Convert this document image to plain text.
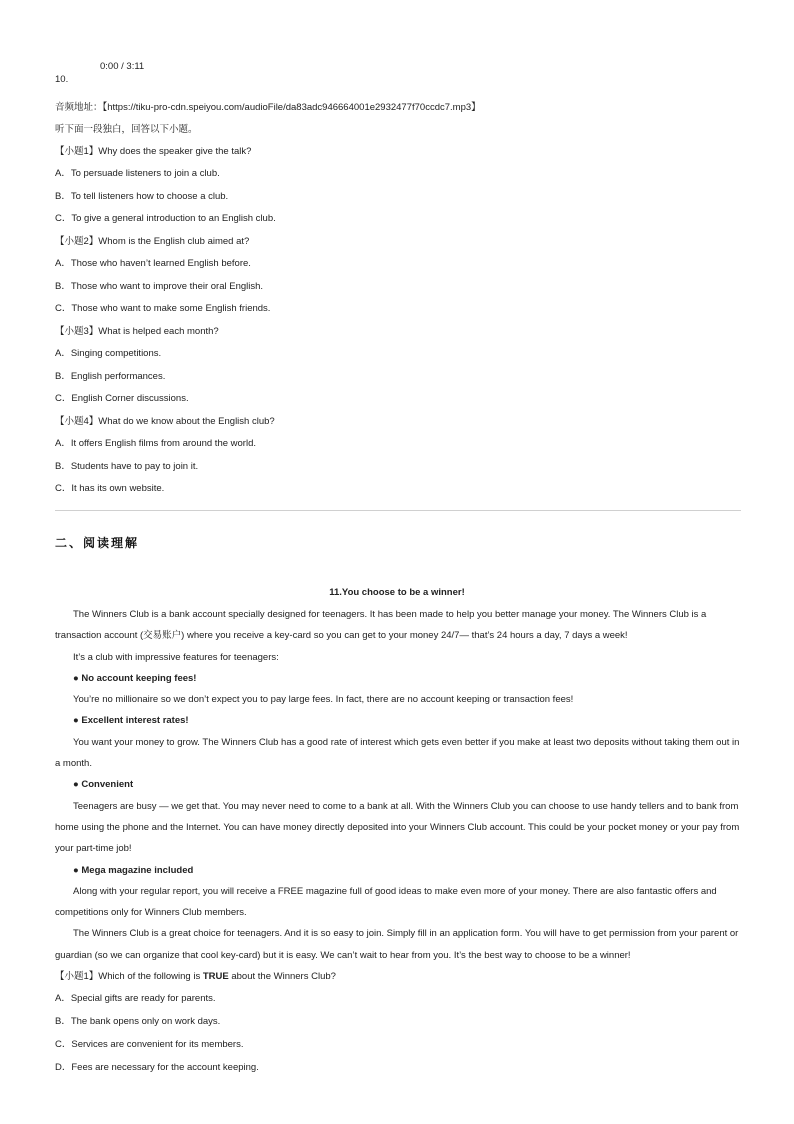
0:00 / 3:11
10.
音频地址：【https://tiku-pro-cdn.speiyou.com/audioFile/da83adc946664001e2932477f70ccdc7.mp3】
听下面一段独白，回答以下小题。
【小题1】Why does the speaker give the talk?
A．To persuade listeners to join a club.
B．To tell listeners how to choose a club.
C．To give a general introduction to an English club.
【小题2】Whom is the English club aimed at?
A．Those who haven’t learned English before.
B．Those who want to improve their oral English.
C．Those who want to make some English friends.
【小题3】What is helped each month?
A．Singing competitions.
B．English performances.
C．English Corner discussions.
【小题4】What do we know about the English club?
A．It offers English films from around the world.
B．Students have to pay to join it.
C．It has its own website.
二、阅读理解
11.You choose to be a winner!
The Winners Club is a bank account specially designed for teenagers. It has been made to help you better manage your money. The Winners Club is a transaction account (交易账户) where you receive a key-card so you can get to your money 24/7— that’s 24 hours a day, 7 days a week!
It’s a club with impressive features for teenagers:
● No account keeping fees!
You’re no millionaire so we don’t expect you to pay large fees. In fact, there are no account keeping or transaction fees!
● Excellent interest rates!
You want your money to grow. The Winners Club has a good rate of interest which gets even better if you make at least two deposits without taking them out in a month.
● Convenient
Teenagers are busy — we get that. You may never need to come to a bank at all. With the Winners Club you can choose to use handy tellers and to bank from home using the phone and the Internet. You can have money directly deposited into your Winners Club account. This could be your pocket money or your pay from your part-time job!
● Mega magazine included
Along with your regular report, you will receive a FREE magazine full of good ideas to make even more of your money. There are also fantastic offers and competitions only for Winners Club members.
The Winners Club is a great choice for teenagers. And it is so easy to join. Simply fill in an application form. You will have to get permission from your parent or guardian (so we can organize that cool key-card) but it is easy. We can’t wait to hear from you. It’s the best way to choose to be a winner!
【小题1】Which of the following is TRUE about the Winners Club?
A．Special gifts are ready for parents.
B．The bank opens only on work days.
C．Services are convenient for its members.
D．Fees are necessary for the account keeping.
